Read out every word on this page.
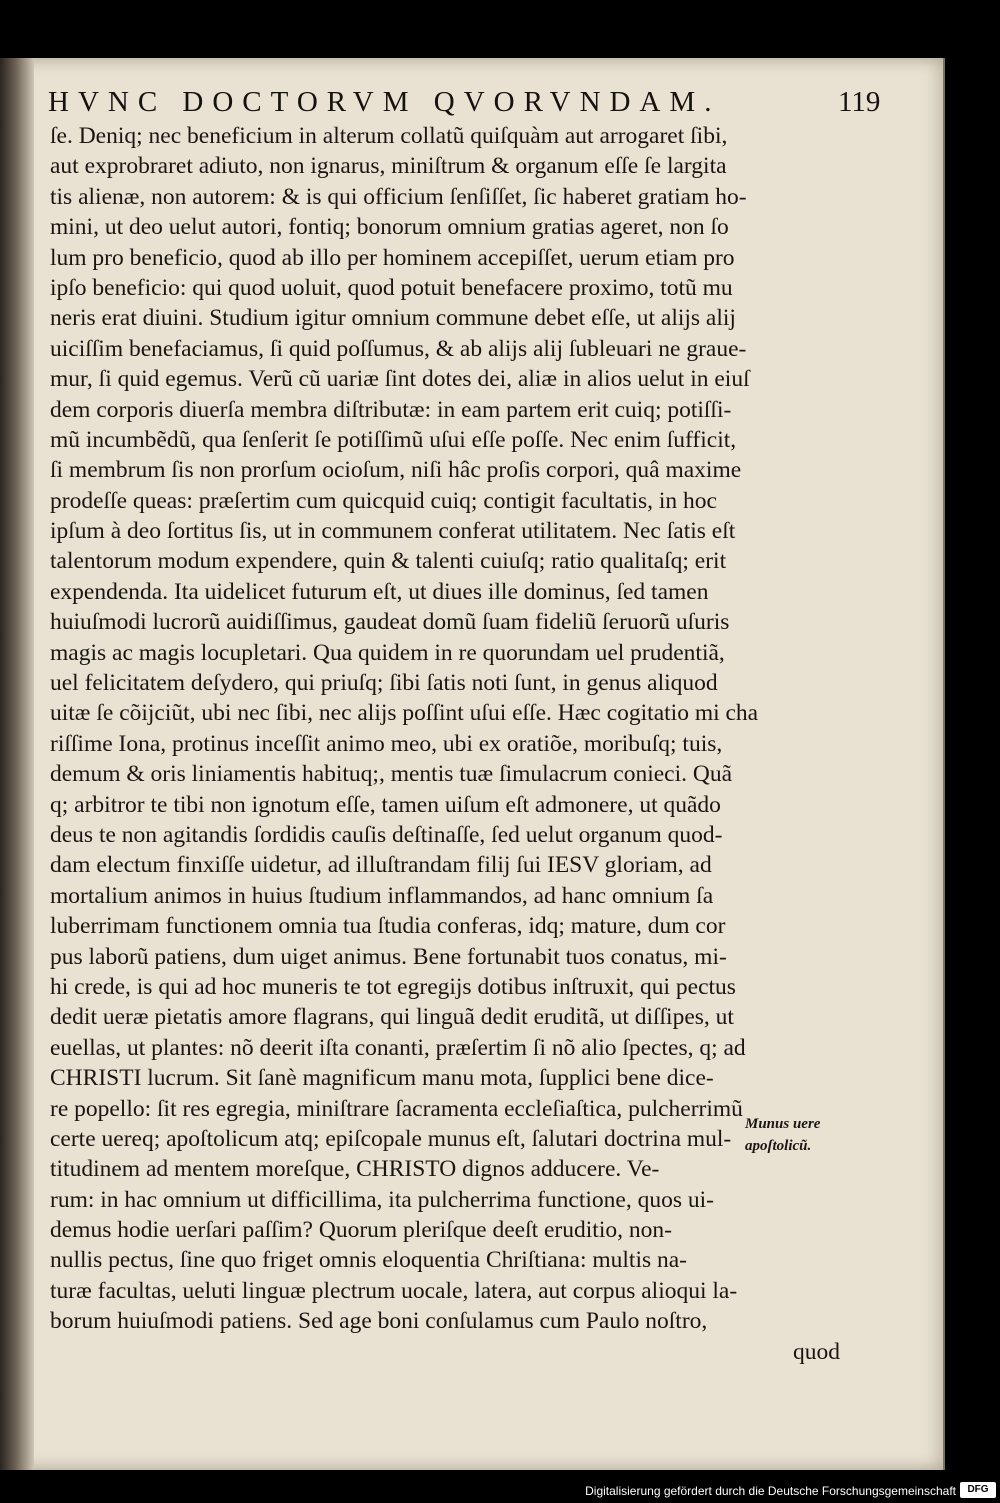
HVNC DOCTORVM QVORVNDAM.	119
ſe. Deniq; nec beneficium in alterum collatũ quiſquàm aut arrogaret ſibi,
aut exprobraret adiuto, non ignarus, miniſtrum & organum eſſe ſe largita
tis alienæ, non autorem: & is qui officium ſenſiſſet, ſic haberet gratiam ho-
mini, ut deo uelut autori, fontiq; bonorum omnium gratias ageret, non ſo
lum pro beneficio, quod ab illo per hominem accepiſſet, uerum etiam pro
ipſo beneficio: qui quod uoluit, quod potuit benefacere proximo, totũ mu
neris erat diuini. Studium igitur omnium commune debet eſſe, ut alijs alij
uiciſſim benefaciamus, ſi quid poſſumus, & ab alijs alij ſubleuari ne graue-
mur, ſi quid egemus. Verũ cũ uariæ ſint dotes dei, aliæ in alios uelut in eiuſ
dem corporis diuerſa membra diſtributæ: in eam partem erit cuiq; potiſſi-
mũ incumbẽdũ, qua ſenſerit ſe potiſſimũ uſui eſſe poſſe. Nec enim ſufficit,
ſi membrum ſis non prorſum ocioſum, niſi hâc proſis corpori, quâ maxime
prodeſſe queas: præſertim cum quicquid cuiq; contigit facultatis, in hoc
ipſum à deo ſortitus ſis, ut in communem conferat utilitatem. Nec ſatis eſt
talentorum modum expendere, quin & talenti cuiuſq; ratio qualitaſq; erit
expendenda. Ita uidelicet futurum eſt, ut diues ille dominus, ſed tamen
huiuſmodi lucrorũ auidiſſimus, gaudeat domũ ſuam fideliũ ſeruorũ uſuris
magis ac magis locupletari. Qua quidem in re quorundam uel prudentiã,
uel felicitatem deſydero, qui priuſq; ſibi ſatis noti ſunt, in genus aliquod
uitæ ſe cõijciũt, ubi nec ſibi, nec alijs poſſint uſui eſſe. Hæc cogitatio mi cha
riſſime Iona, protinus inceſſit animo meo, ubi ex oratiõe, moribuſq; tuis,
demum & oris liniamentis habituq;, mentis tuæ ſimulacrum conieci. Quã
q; arbitror te tibi non ignotum eſſe, tamen uiſum eſt admonere, ut quãdo
deus te non agitandis ſordidis cauſis deſtinaſſe, ſed uelut organum quod-
dam electum finxiſſe uidetur, ad illuſtrandam filij ſui IESV gloriam, ad
mortalium animos in huius ſtudium inflammandos, ad hanc omnium ſa
luberrimam functionem omnia tua ſtudia conferas, idq; mature, dum cor
pus laborũ patiens, dum uiget animus. Bene fortunabit tuos conatus, mi-
hi crede, is qui ad hoc muneris te tot egregijs dotibus inſtruxit, qui pectus
dedit ueræ pietatis amore flagrans, qui linguã dedit eruditã, ut diſſipes, ut
euellas, ut plantes: nõ deerit iſta conanti, præſertim ſi nõ alio ſpectes, q; ad
CHRISTI lucrum. Sit ſanè magnificum manu mota, ſupplici bene dice-
re popello: ſit res egregia, miniſtrare ſacramenta eccleſiaſtica, pulcherrimũ
certe uereq; apoſtolicum atq; epiſcopale munus eſt, ſalutari doctrina mul-
titudinem ad mentem moreſque, CHRISTO dignos adducere. Ve-
rum: in hac omnium ut difficillima, ita pulcherrima functione, quos ui-
demus hodie uerſari paſſim? Quorum pleriſque deeſt eruditio, non-
nullis pectus, ſine quo friget omnis eloquentia Chriſtiana: multis na-
turæ facultas, ueluti linguæ plectrum uocale, latera, aut corpus alioqui la-
borum huiuſmodi patiens. Sed age boni conſulamus cum Paulo noſtro,
quod
Munus uere
apoſtolicũ.
Digitalisierung gefördert durch die Deutsche Forschungsgemeinschaft	DFG
